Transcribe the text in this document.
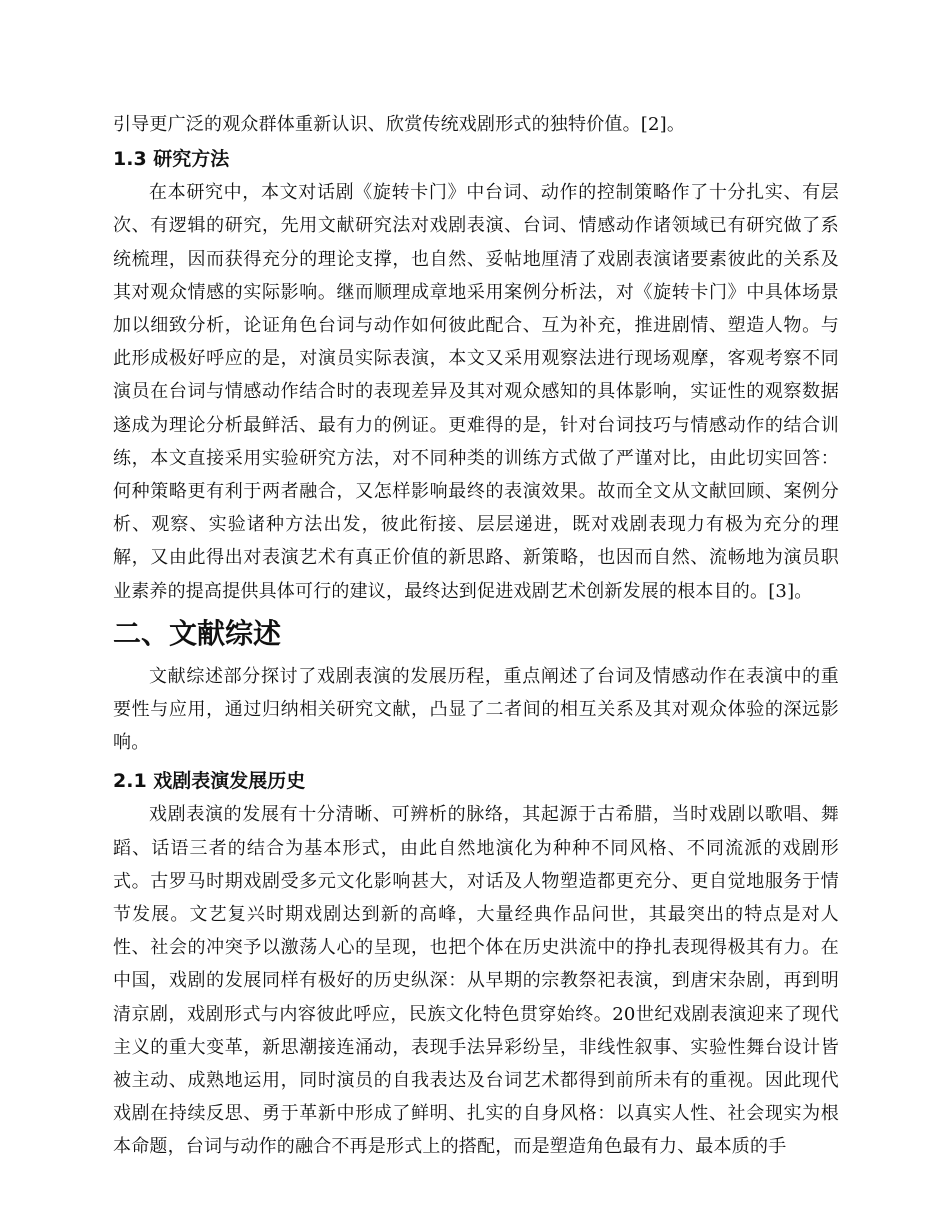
引导更广泛的观众群体重新认识、欣赏传统戏剧形式的独特价值。[2]。

1.3 研究方法

在本研究中，本文对话剧《旋转卡门》中台词、动作的控制策略作了十分扎实、有层次、有逻辑的研究，先用文献研究法对戏剧表演、台词、情感动作诸领域已有研究做了系统梳理，因而获得充分的理论支撑，也自然、妥帖地厘清了戏剧表演诸要素彼此的关系及其对观众情感的实际影响。继而顺理成章地采用案例分析法，对《旋转卡门》中具体场景加以细致分析，论证角色台词与动作如何彼此配合、互为补充，推进剧情、塑造人物。与此形成极好呼应的是，对演员实际表演，本文又采用观察法进行现场观摩，客观考察不同演员在台词与情感动作结合时的表现差异及其对观众感知的具体影响，实证性的观察数据遂成为理论分析最鲜活、最有力的例证。更难得的是，针对台词技巧与情感动作的结合训练，本文直接采用实验研究方法，对不同种类的训练方式做了严谨对比，由此切实回答：何种策略更有利于两者融合，又怎样影响最终的表演效果。故而全文从文献回顾、案例分析、观察、实验诸种方法出发，彼此衔接、层层递进，既对戏剧表现力有极为充分的理解，又由此得出对表演艺术有真正价值的新思路、新策略，也因而自然、流畅地为演员职业素养的提高提供具体可行的建议，最终达到促进戏剧艺术创新发展的根本目的。[3]。

二、文献综述

文献综述部分探讨了戏剧表演的发展历程，重点阐述了台词及情感动作在表演中的重要性与应用，通过归纳相关研究文献，凸显了二者间的相互关系及其对观众体验的深远影响。

2.1 戏剧表演发展历史

戏剧表演的发展有十分清晰、可辨析的脉络，其起源于古希腊，当时戏剧以歌唱、舞蹈、话语三者的结合为基本形式，由此自然地演化为种种不同风格、不同流派的戏剧形式。古罗马时期戏剧受多元文化影响甚大，对话及人物塑造都更充分、更自觉地服务于情节发展。文艺复兴时期戏剧达到新的高峰，大量经典作品问世，其最突出的特点是对人性、社会的冲突予以激荡人心的呈现，也把个体在历史洪流中的挣扎表现得极其有力。在中国，戏剧的发展同样有极好的历史纵深：从早期的宗教祭祀表演，到唐宋杂剧，再到明清京剧，戏剧形式与内容彼此呼应，民族文化特色贯穿始终。20世纪戏剧表演迎来了现代主义的重大变革，新思潮接连涌动，表现手法异彩纷呈，非线性叙事、实验性舞台设计皆被主动、成熟地运用，同时演员的自我表达及台词艺术都得到前所未有的重视。因此现代戏剧在持续反思、勇于革新中形成了鲜明、扎实的自身风格：以真实人性、社会现实为根本命题，台词与动作的融合不再是形式上的搭配，而是塑造角色最有力、最本质的手
